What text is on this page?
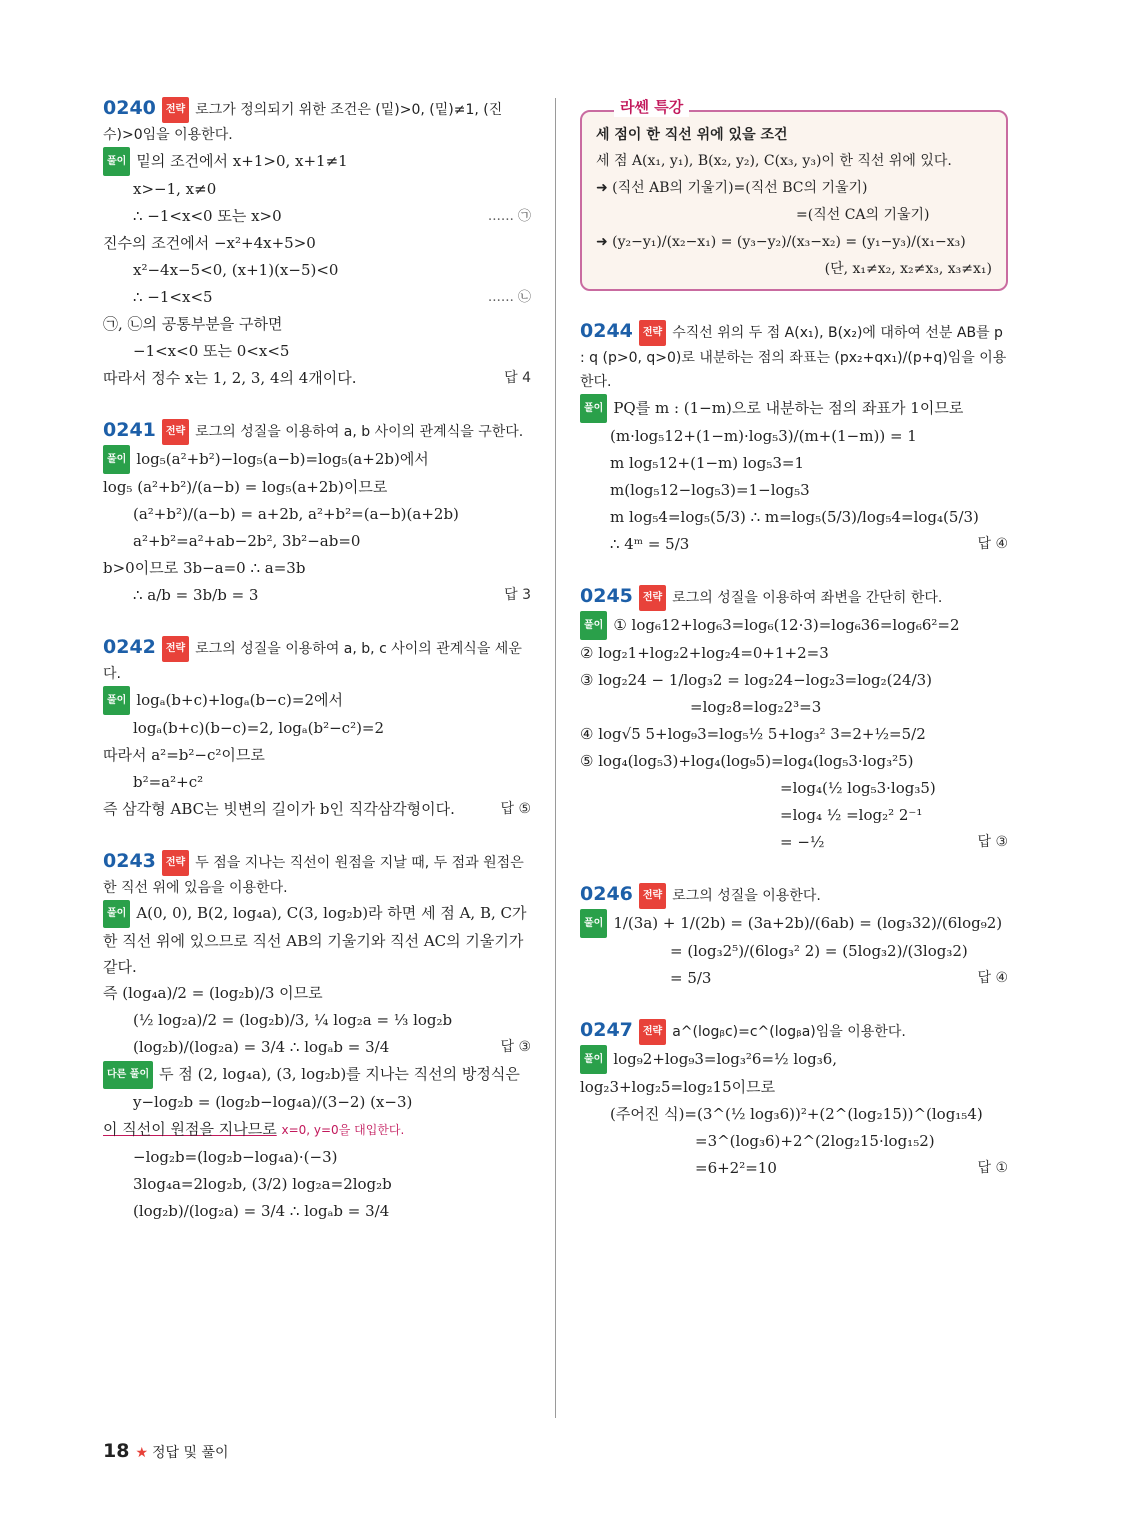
0240 전략 로그가 정의되기 위한 조건은 (밑)>0, (밑)≠1, (진수)>0임을 이용한다.
풀이 밑의 조건에서 x+1>0, x+1≠1
x>−1, x≠0
…… ㉠
∴ −1<x<0 또는 x>0
진수의 조건에서 −x²+4x+5>0
x²−4x−5<0, (x+1)(x−5)<0
…… ㉡
∴ −1<x<5
㉠, ㉡의 공통부분을 구하면
−1<x<0 또는 0<x<5
답 4
따라서 정수 x는 1, 2, 3, 4의 4개이다.
0241 전략 로그의 성질을 이용하여 a, b 사이의 관계식을 구한다.
풀이 log₅(a²+b²)−log₅(a−b)=log₅(a+2b)에서
log₅ (a²+b²)/(a−b) = log₅(a+2b)이므로
(a²+b²)/(a−b) = a+2b, a²+b²=(a−b)(a+2b)
a²+b²=a²+ab−2b², 3b²−ab=0
b>0이므로 3b−a=0 ∴ a=3b
답 3
∴ a/b = 3b/b = 3
0242 전략 로그의 성질을 이용하여 a, b, c 사이의 관계식을 세운다.
풀이 logₐ(b+c)+logₐ(b−c)=2에서
logₐ(b+c)(b−c)=2, logₐ(b²−c²)=2
따라서 a²=b²−c²이므로
b²=a²+c²
답 ⑤
즉 삼각형 ABC는 빗변의 길이가 b인 직각삼각형이다.
0243 전략 두 점을 지나는 직선이 원점을 지날 때, 두 점과 원점은 한 직선 위에 있음을 이용한다.
풀이 A(0, 0), B(2, log₄a), C(3, log₂b)라 하면 세 점 A, B, C가 한 직선 위에 있으므로 직선 AB의 기울기와 직선 AC의 기울기가 같다.
즉 (log₄a)/2 = (log₂b)/3 이므로
(½ log₂a)/2 = (log₂b)/3, ¼ log₂a = ⅓ log₂b
답 ③
(log₂b)/(log₂a) = 3/4 ∴ logₐb = 3/4
다른 풀이 두 점 (2, log₄a), (3, log₂b)를 지나는 직선의 방정식은
y−log₂b = (log₂b−log₄a)/(3−2) (x−3)
이 직선이 원점을 지나므로 x=0, y=0을 대입한다.
−log₂b=(log₂b−log₄a)·(−3)
3log₄a=2log₂b, (3/2) log₂a=2log₂b
(log₂b)/(log₂a) = 3/4 ∴ logₐb = 3/4
라쎈 특강
세 점이 한 직선 위에 있을 조건
세 점 A(x₁, y₁), B(x₂, y₂), C(x₃, y₃)이 한 직선 위에 있다.
➜ (직선 AB의 기울기)=(직선 BC의 기울기)
=(직선 CA의 기울기)
➜ (y₂−y₁)/(x₂−x₁) = (y₃−y₂)/(x₃−x₂) = (y₁−y₃)/(x₁−x₃)
(단, x₁≠x₂, x₂≠x₃, x₃≠x₁)
0244 전략 수직선 위의 두 점 A(x₁), B(x₂)에 대하여 선분 AB를 p : q (p>0, q>0)로 내분하는 점의 좌표는 (px₂+qx₁)/(p+q)임을 이용한다.
풀이 PQ를 m : (1−m)으로 내분하는 점의 좌표가 1이므로
(m·log₅12+(1−m)·log₅3)/(m+(1−m)) = 1
m log₅12+(1−m) log₅3=1
m(log₅12−log₅3)=1−log₅3
m log₅4=log₅(5/3) ∴ m=log₅(5/3)/log₅4=log₄(5/3)
답 ④
∴ 4ᵐ = 5/3
0245 전략 로그의 성질을 이용하여 좌변을 간단히 한다.
풀이 ① log₆12+log₆3=log₆(12·3)=log₆36=log₆6²=2
② log₂1+log₂2+log₂4=0+1+2=3
③ log₂24 − 1/log₃2 = log₂24−log₂3=log₂(24/3)
=log₂8=log₂2³=3
④ log√5 5+log₉3=log₅½ 5+log₃² 3=2+½=5/2
⑤ log₄(log₅3)+log₄(log₉5)=log₄(log₅3·log₃²5)
=log₄(½ log₅3·log₃5)
=log₄ ½ =log₂² 2⁻¹
답 ③
= −½
0246 전략 로그의 성질을 이용한다.
풀이 1/(3a) + 1/(2b) = (3a+2b)/(6ab) = (log₃32)/(6log₉2)
= (log₃2⁵)/(6log₃² 2) = (5log₃2)/(3log₃2)
답 ④
= 5/3
0247 전략 a^(logᵦc)=c^(logᵦa)임을 이용한다.
풀이 log₉2+log₉3=log₃²6=½ log₃6,
log₂3+log₂5=log₂15이므로
(주어진 식)=(3^(½ log₃6))²+(2^(log₂15))^(log₁₅4)
=3^(log₃6)+2^(2log₂15·log₁₅2)
답 ①
=6+2²=10
18 ★ 정답 및 풀이
